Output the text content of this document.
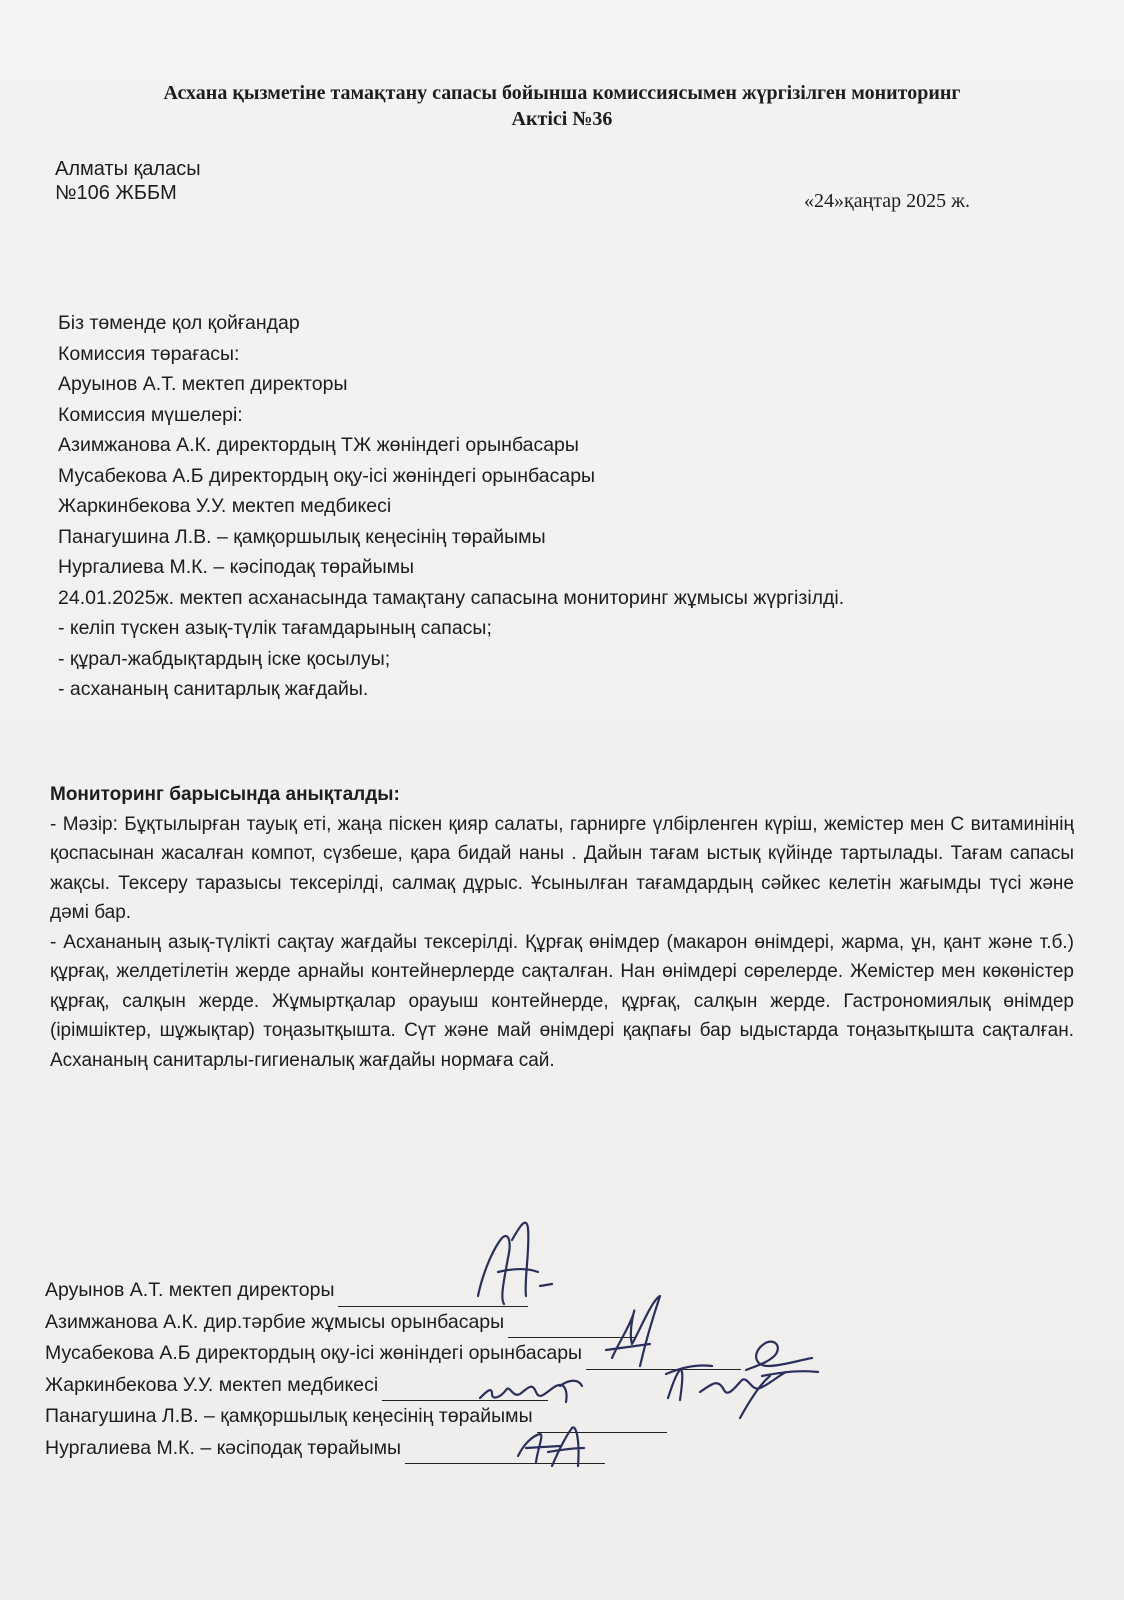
Асхана қызметіне тамақтану сапасы бойынша комиссиясымен жүргізілген мониторинг
Актісі №36
Алматы қаласы
№106 ЖББМ	«24»қаңтар 2025 ж.
Біз төменде қол қойғандар
Комиссия төрағасы:
Аруынов А.Т. мектеп директоры
Комиссия мүшелері:
Азимжанова А.К. директордың ТЖ жөніндегі орынбасары
Мусабекова А.Б директордың оқу-ісі жөніндегі орынбасары
Жаркинбекова У.У. мектеп медбикесі
Панагушина Л.В. – қамқоршылық кеңесінің төрайымы
Нургалиева М.К. – кәсіподақ төрайымы
24.01.2025ж. мектеп асханасында тамақтану сапасына мониторинг жұмысы жүргізілді.
- келіп түскен азық-түлік тағамдарының сапасы;
- құрал-жабдықтардың іске қосылуы;
- асхананың санитарлық жағдайы.
Мониторинг барысында анықталды:

- Мәзір: Бұқтылырған тауық еті, жаңа піскен қияр салаты, гарнирге үлбірленген күріш, жемістер мен С витаминінің қоспасынан жасалған компот, сүзбеше, қара бидай наны . Дайын тағам ыстық күйінде тартылады. Тағам сапасы жақсы. Тексеру таразысы тексерілді, салмақ дұрыс. Ұсынылған тағамдардың сәйкес келетін жағымды түсі және дәмі бар.

- Асхананың азық-түлікті сақтау жағдайы тексерілді. Құрғақ өнімдер (макарон өнімдері, жарма, ұн, қант және т.б.) құрғақ, желдетілетін жерде арнайы контейнерлерде сақталған. Нан өнімдері сөрелерде. Жемістер мен көкөністер құрғақ, салқын жерде. Жұмыртқалар орауыш контейнерде, құрғақ, салқын жерде. Гастрономиялық өнімдер (ірімшіктер, шұжықтар) тоңазытқышта. Сүт және май өнімдері қақпағы бар ыдыстарда тоңазытқышта сақталған. Асхананың санитарлы-гигиеналық жағдайы нормаға сай.

Аруынов А.Т. мектеп директоры
Азимжанова А.К. дир.тәрбие жұмысы орынбасары
Мусабекова А.Б директордың оқу-ісі жөніндегі орынбасары
Жаркинбекова У.У. мектеп медбикесі
Панагушина Л.В. – қамқоршылық кеңесінің төрайымы
Нургалиева М.К. – кәсіподақ төрайымы
